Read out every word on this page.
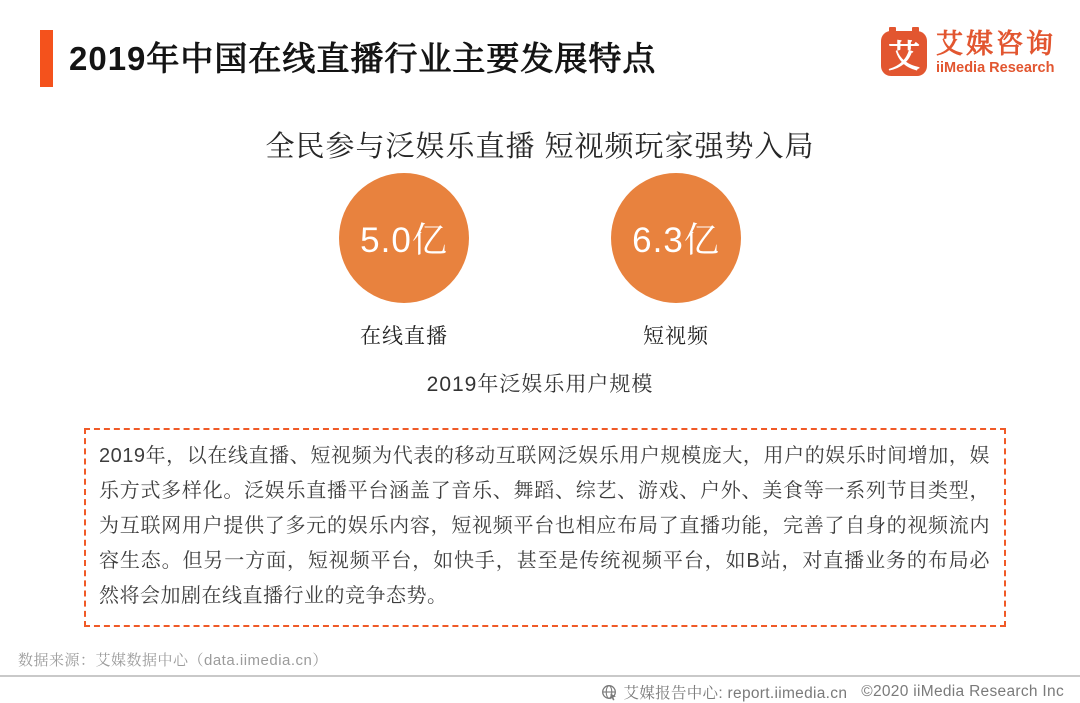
2019年中国在线直播行业主要发展特点	艾 艾媒咨询
iiMedia Research
全民参与泛娱乐直播 短视频玩家强势入局
5.0亿
在线直播
6.3亿
短视频
2019年泛娱乐用户规模

2019年，以在线直播、短视频为代表的移动互联网泛娱乐用户规模庞大，用户的娱乐时间增加，娱乐方式多样化。泛娱乐直播平台涵盖了音乐、舞蹈、综艺、游戏、户外、美食等一系列节目类型，为互联网用户提供了多元的娱乐内容，短视频平台也相应布局了直播功能，完善了自身的视频流内容生态。但另一方面，短视频平台，如快手，甚至是传统视频平台，如B站，对直播业务的布局必然将会加剧在线直播行业的竞争态势。

数据来源：艾媒数据中心（data.iimedia.cn）
艾媒报告中心: report.iimedia.cn ©2020 iiMedia Research Inc
